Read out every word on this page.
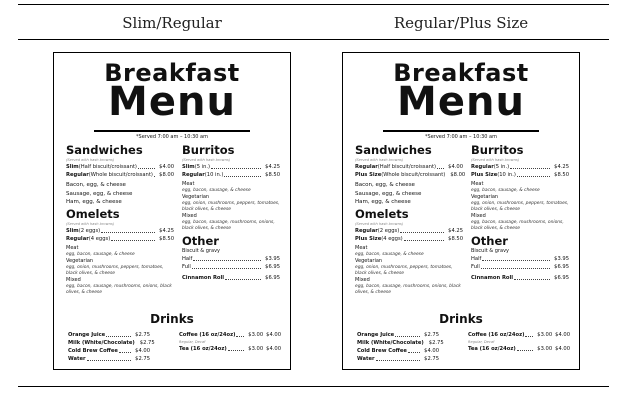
Slim/Regular
Breakfast
Menu
*Served 7:00 am – 10:30 am
Sandwiches
(Served with hash browns)
Slim (Half biscuit/croissant)	$4.00
Regular (Whole biscuit/croissant) $8.00
Bacon, egg, & cheese
Sausage, egg, & cheese
Ham, egg, & cheese
Omelets
(Served with hash browns)
Slim (2 eggs)	$4.25
Regular (4 eggs)	$8.50
Meat
egg, bacon, sausage, & cheese
Vegetarian
egg, onion, mushrooms, peppers, tomatoes, black olives, & cheese
Mixed
egg, bacon, sausage, mushrooms, onions, black olives, & cheese
Burritos
(Served with hash browns)
Slim (5 in.)	$4.25
Regular (10 in.)	$8.50
Meat
egg, bacon, sausage, & cheese
Vegetarian
egg, onion, mushrooms, peppers, tomatoes, black olives, & cheese
Mixed
egg, bacon, sausage, mushrooms, onions, black olives, & cheese
Other
Biscuit & gravy
Half	$3.95
Full	$6.95
Cinnamon Roll	$6.95
Drinks
Orange Juice	$2.75
Milk (White/Chocolate) $2.75
Cold Brew Coffee	$4.00
Water	$2.75
Coffee (16 oz/24oz) $3.00 $4.00
Regular, Decaf
Tea (16 oz/24oz)	$3.00 $4.00
Regular/Plus Size
Breakfast
Menu
*Served 7:00 am – 10:30 am
Sandwiches
(Served with hash browns)
Regular (Half biscuit/croissant) $4.00
Plus Size (Whole biscuit/croissant) $8.00
Bacon, egg, & cheese
Sausage, egg, & cheese
Ham, egg, & cheese
Omelets
(Served with hash browns)
Regular (2 eggs)	$4.25
Plus Size (4 eggs)	$8.50
Meat
egg, bacon, sausage, & cheese
Vegetarian
egg, onion, mushrooms, peppers, tomatoes, black olives, & cheese
Mixed
egg, bacon, sausage, mushrooms, onions, black olives, & cheese
Burritos
(Served with hash browns)
Regular (5 in.)	$4.25
Plus Size (10 in.)	$8.50
Meat
egg, bacon, sausage, & cheese
Vegetarian
egg, onion, mushrooms, peppers, tomatoes, black olives, & cheese
Mixed
egg, bacon, sausage, mushrooms, onions, black olives, & cheese
Other
Biscuit & gravy
Half	$3.95
Full	$6.95
Cinnamon Roll	$6.95
Drinks
Orange Juice	$2.75
Milk (White/Chocolate) $2.75
Cold Brew Coffee	$4.00
Water	$2.75
Coffee (16 oz/24oz) $3.00 $4.00
Regular, Decaf
Tea (16 oz/24oz)	$3.00 $4.00
